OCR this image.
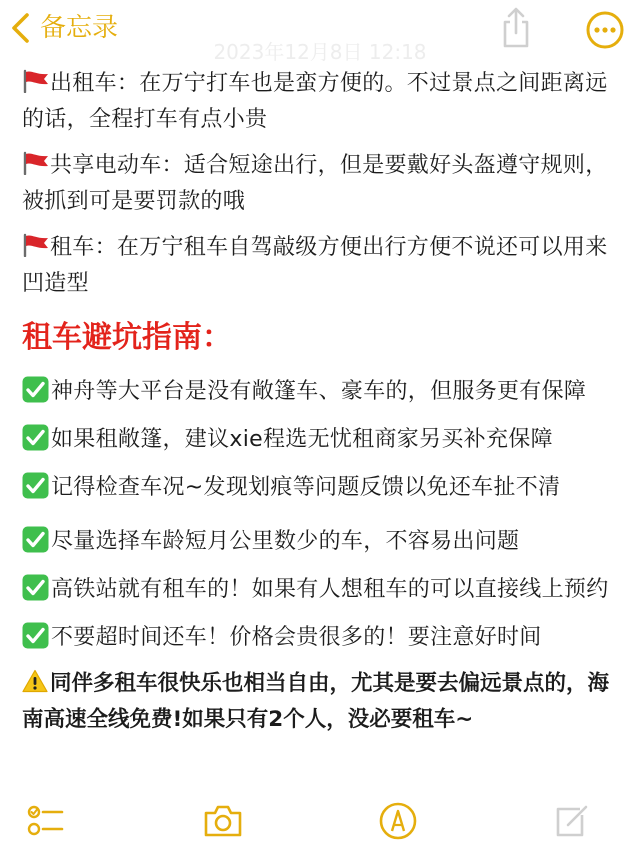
备忘录
2023年12月8日 12:18
出租车：在万宁打车也是蛮方便的。不过景点之间距离远的话，全程打车有点小贵
共享电动车：适合短途出行，但是要戴好头盔遵守规则，被抓到可是要罚款的哦
租车：在万宁租车自驾敲级方便出行方便不说还可以用来凹造型
租车避坑指南：
神舟等大平台是没有敞篷车、豪车的，但服务更有保障
如果租敞篷，建议xie程选无忧租商家另买补充保障
记得检查车况~发现划痕等问题反馈以免还车扯不清
尽量选择车龄短月公里数少的车，不容易出问题
高铁站就有租车的！如果有人想租车的可以直接线上预约
不要超时间还车！价格会贵很多的！要注意好时间
同伴多租车很快乐也相当自由，尤其是要去偏远景点的，海南高速全线免费!如果只有2个人，没必要租车~
